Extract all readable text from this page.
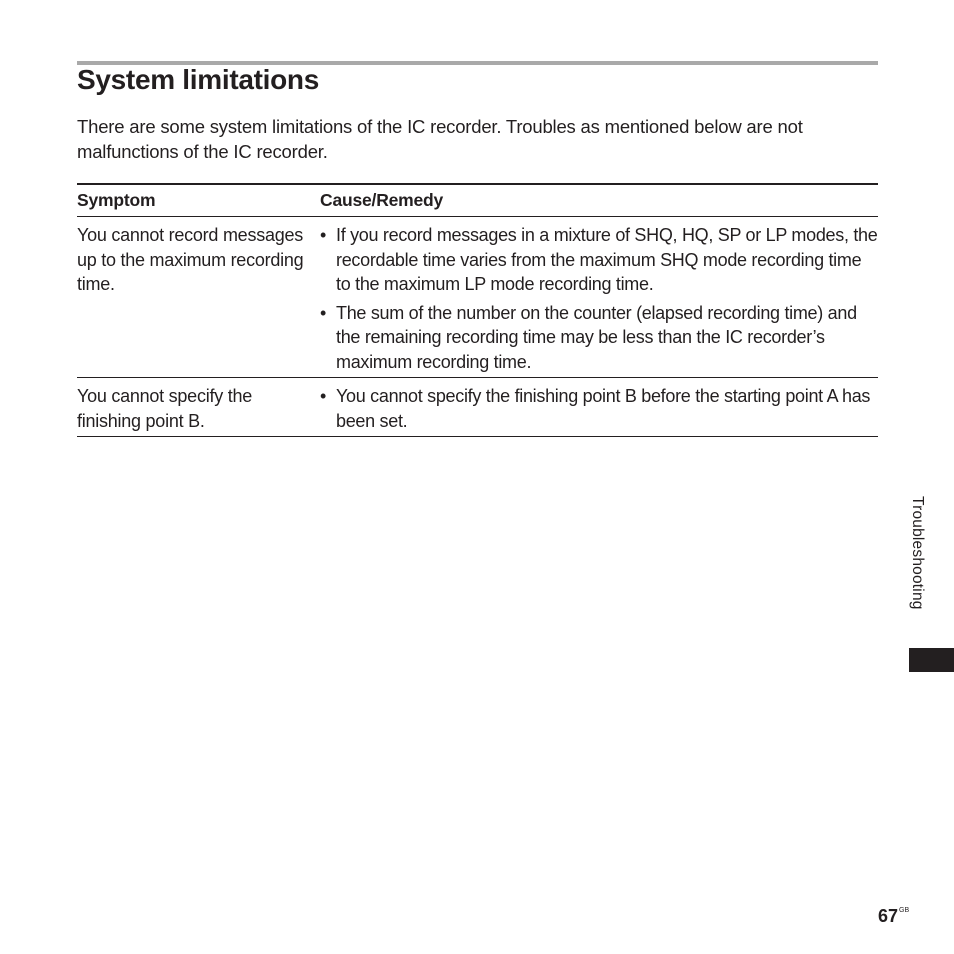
System limitations

There are some system limitations of the IC recorder. Troubles as mentioned below are not malfunctions of the IC recorder.

Symptom	Cause/Remedy
You cannot record messages up to the maximum recording time.
• If you record messages in a mixture of SHQ, HQ, SP or LP modes, the recordable time varies from the maximum SHQ mode recording time to the maximum LP mode recording time.
• The sum of the number on the counter (elapsed recording time) and the remaining recording time may be less than the IC recorder’s maximum recording time.
You cannot specify the finishing point B.
• You cannot specify the finishing point B before the starting point A has been set.
Troubleshooting
$67^{GB}$
